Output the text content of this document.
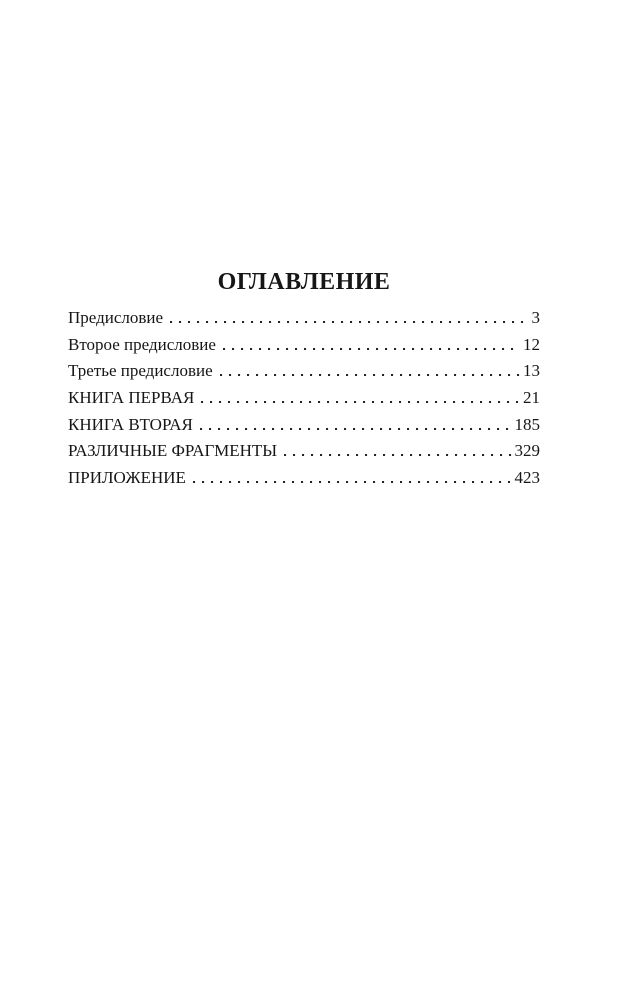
ОГЛАВЛЕНИЕ
Предисловие	3
Второе предисловие	12
Третье предисловие	13
КНИГА ПЕРВАЯ	21
КНИГА ВТОРАЯ	185
РАЗЛИЧНЫЕ ФРАГМЕНТЫ	329
ПРИЛОЖЕНИЕ	423
